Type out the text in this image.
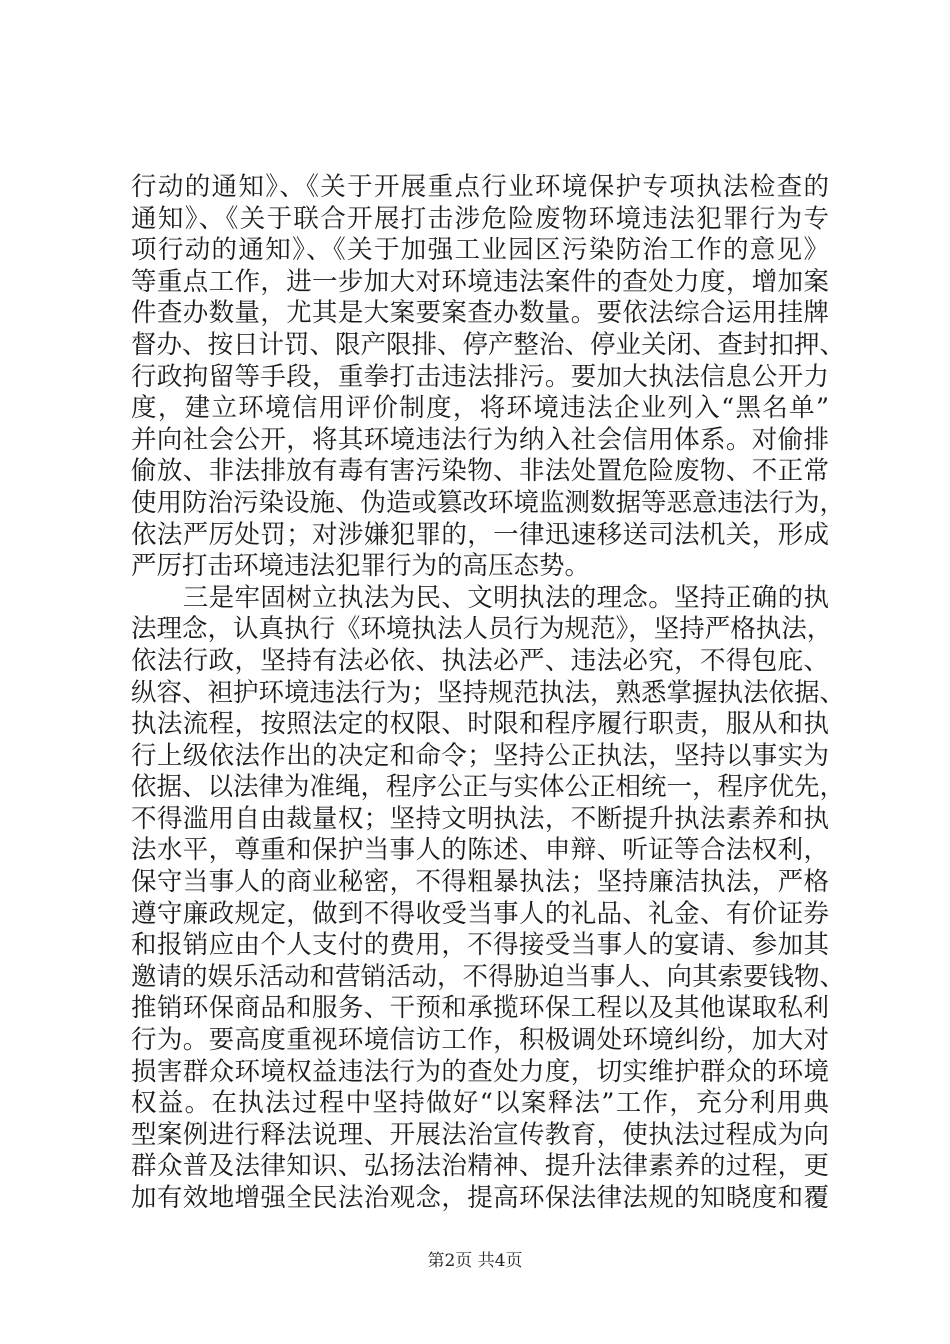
行动的通知》、《关于开展重点行业环境保护专项执法检查的
通知》、《关于联合开展打击涉危险废物环境违法犯罪行为专
项行动的通知》、《关于加强工业园区污染防治工作的意见》
等重点工作，进一步加大对环境违法案件的查处力度，增加案
件查办数量，尤其是大案要案查办数量。要依法综合运用挂牌
督办、按日计罚、限产限排、停产整治、停业关闭、查封扣押、
行政拘留等手段，重拳打击违法排污。要加大执法信息公开力
度，建立环境信用评价制度，将环境违法企业列入“黑名单”
并向社会公开，将其环境违法行为纳入社会信用体系。对偷排
偷放、非法排放有毒有害污染物、非法处置危险废物、不正常
使用防治污染设施、伪造或篡改环境监测数据等恶意违法行为，
依法严厉处罚；对涉嫌犯罪的，一律迅速移送司法机关，形成
严厉打击环境违法犯罪行为的高压态势。
　　三是牢固树立执法为民、文明执法的理念。坚持正确的执
法理念，认真执行《环境执法人员行为规范》，坚持严格执法，
依法行政，坚持有法必依、执法必严、违法必究，不得包庇、
纵容、袒护环境违法行为；坚持规范执法，熟悉掌握执法依据、
执法流程，按照法定的权限、时限和程序履行职责，服从和执
行上级依法作出的决定和命令；坚持公正执法，坚持以事实为
依据、以法律为准绳，程序公正与实体公正相统一，程序优先，
不得滥用自由裁量权；坚持文明执法，不断提升执法素养和执
法水平，尊重和保护当事人的陈述、申辩、听证等合法权利，
保守当事人的商业秘密，不得粗暴执法；坚持廉洁执法，严格
遵守廉政规定，做到不得收受当事人的礼品、礼金、有价证券
和报销应由个人支付的费用，不得接受当事人的宴请、参加其
邀请的娱乐活动和营销活动，不得胁迫当事人、向其索要钱物、
推销环保商品和服务、干预和承揽环保工程以及其他谋取私利
行为。要高度重视环境信访工作，积极调处环境纠纷，加大对
损害群众环境权益违法行为的查处力度，切实维护群众的环境
权益。在执法过程中坚持做好“以案释法”工作，充分利用典
型案例进行释法说理、开展法治宣传教育，使执法过程成为向
群众普及法律知识、弘扬法治精神、提升法律素养的过程，更
加有效地增强全民法治观念，提高环保法律法规的知晓度和覆
第2页 共4页
